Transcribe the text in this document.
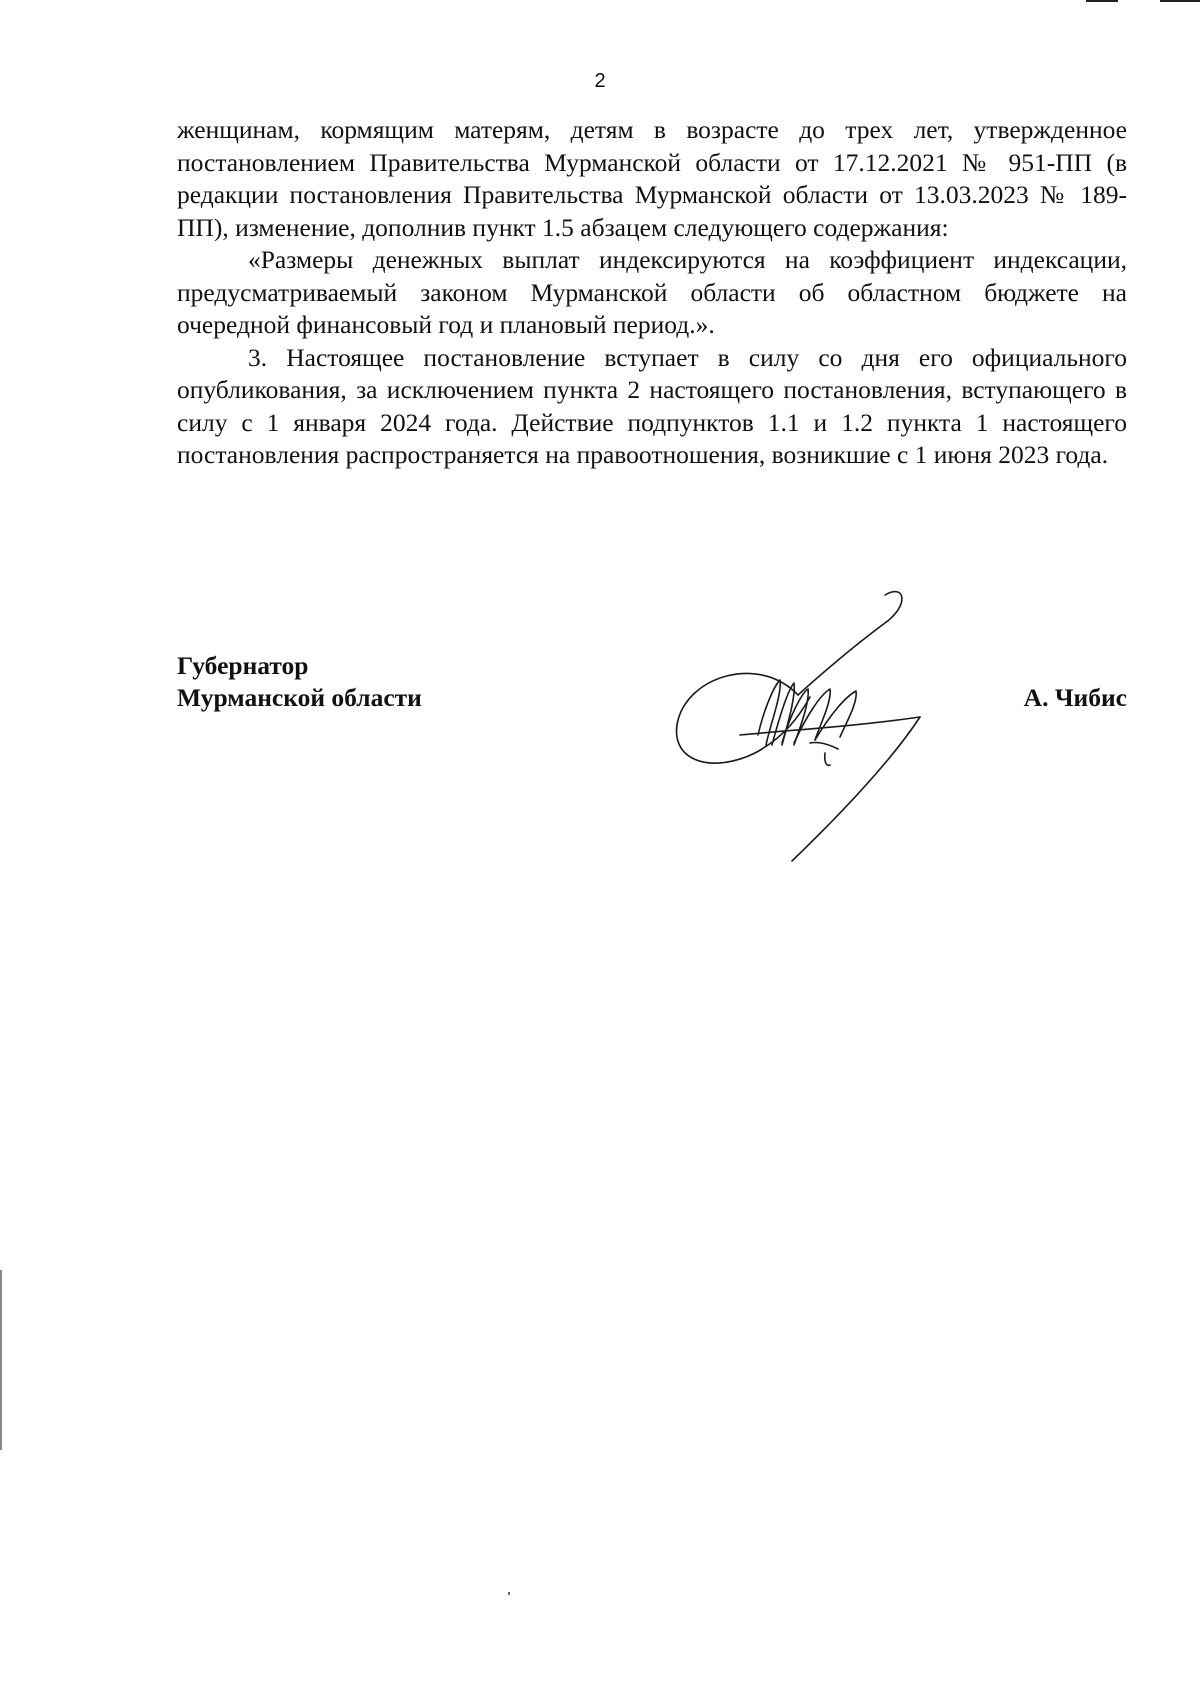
2

женщинам, кормящим матерям, детям в возрасте до трех лет, утвержденное постановлением Правительства Мурманской области от 17.12.2021 № 951-ПП (в редакции постановления Правительства Мурманской области от 13.03.2023 № 189-ПП), изменение, дополнив пункт 1.5 абзацем следующего содержания:

«Размеры денежных выплат индексируются на коэффициент индексации, предусматриваемый законом Мурманской области об областном бюджете на очередной финансовый год и плановый период.».

3. Настоящее постановление вступает в силу со дня его официального опубликования, за исключением пункта 2 настоящего постановления, вступающего в силу с 1 января 2024 года. Действие подпунктов 1.1 и 1.2 пункта 1 настоящего постановления распространяется на правоотношения, возникшие с 1 июня 2023 года.

Губернатор
Мурманской области	А. Чибис
